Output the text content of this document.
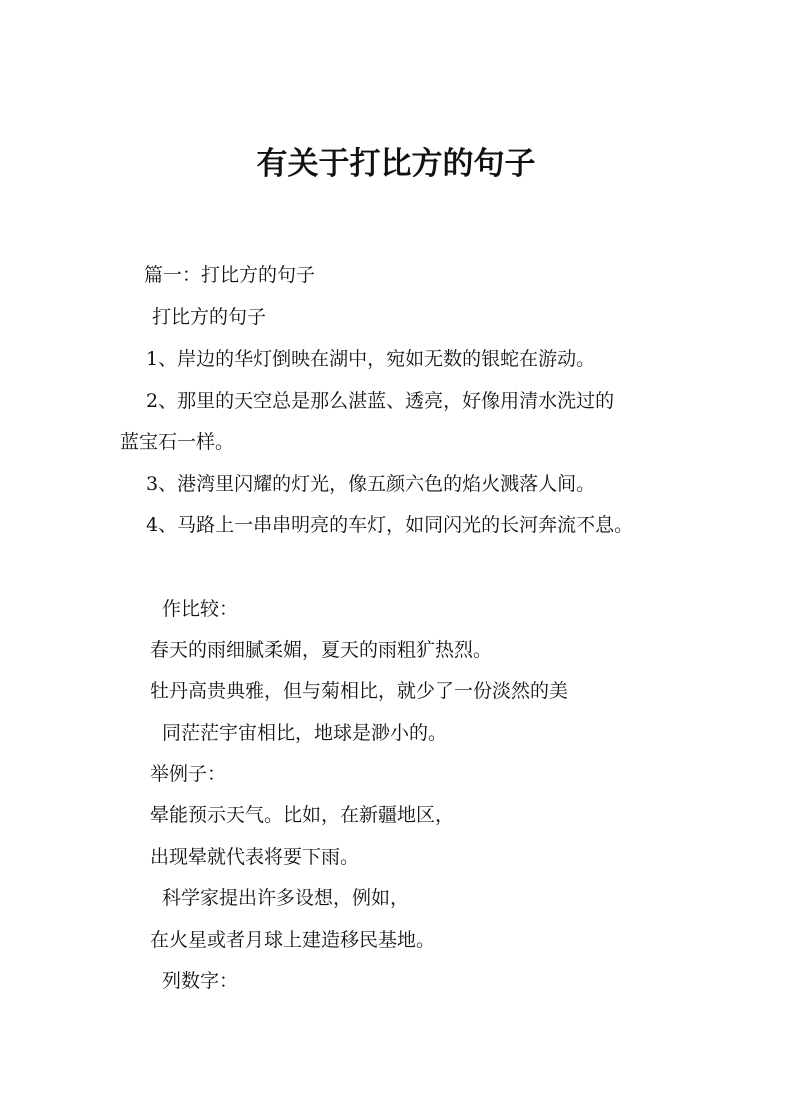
有关于打比方的句子
篇一：打比方的句子
打比方的句子
1、岸边的华灯倒映在湖中，宛如无数的银蛇在游动。
2、那里的天空总是那么湛蓝、透亮，好像用清水洗过的
蓝宝石一样。
3、港湾里闪耀的灯光，像五颜六色的焰火溅落人间。
4、马路上一串串明亮的车灯，如同闪光的长河奔流不息。
作比较：
春天的雨细腻柔媚，夏天的雨粗犷热烈。
牡丹高贵典雅，但与菊相比，就少了一份淡然的美
同茫茫宇宙相比，地球是渺小的。
举例子：
晕能预示天气。比如，在新疆地区，
出现晕就代表将要下雨。
科学家提出许多设想，例如，
在火星或者月球上建造移民基地。
列数字：
